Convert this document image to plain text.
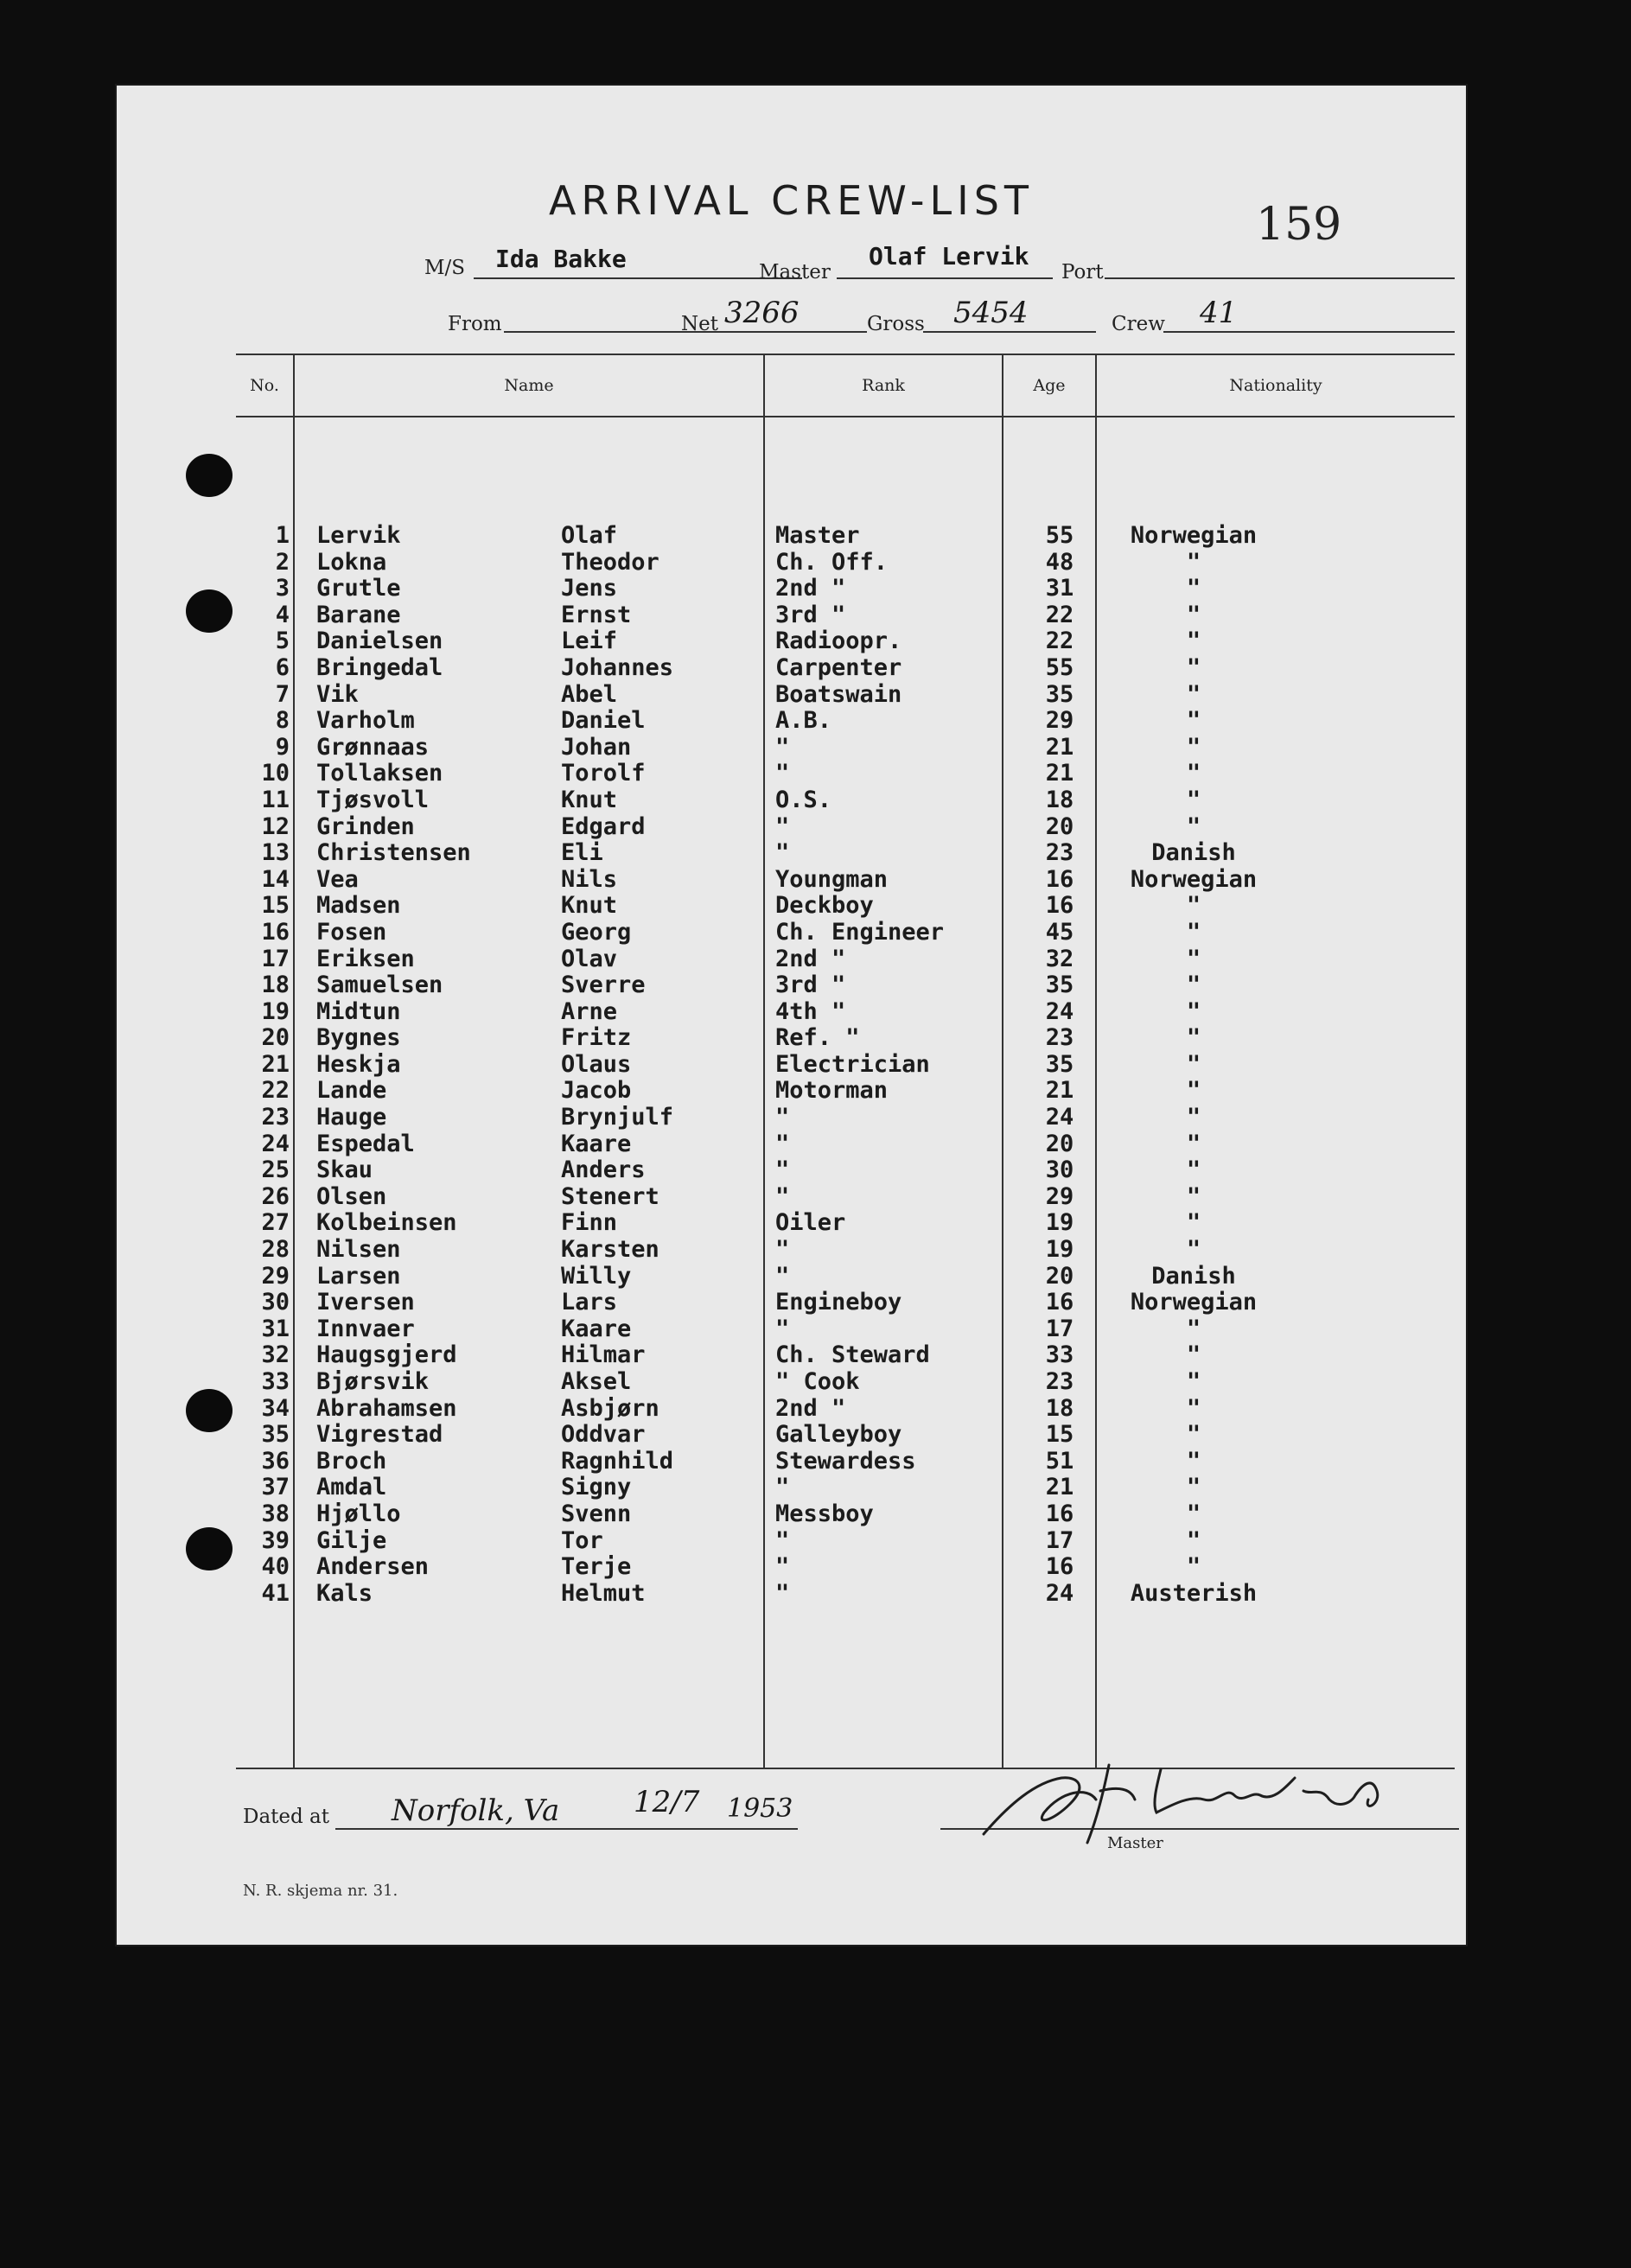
159
ARRIVAL CREW-LIST
M/S Ida Bakke	Master
Olaf Lervik
Port
From	Net 3266	Gross 5454	Crew 41
No.	Name	Rank	Age	Nationality
1 Lervik	Olaf	Master	55	Norwegian
2 Lokna	Theodor	Ch. Off.	48	"
3 Grutle	Jens	2nd "	31	"
4 Barane	Ernst	3rd "	22	"
5 Danielsen	Leif	Radioopr.	22	"
6 Bringedal	Johannes	Carpenter	55	"
7 Vik	Abel	Boatswain	35	"
8 Varholm	Daniel	A.B.	29	"
9 Grønnaas	Johan	"	21	"
10 Tollaksen	Torolf	"	21	"
11 Tjøsvoll	Knut	O.S.	18	"
12 Grinden	Edgard	"	20	"
13 Christensen	Eli	"	23	Danish
14 Vea	Nils	Youngman	16	Norwegian
15 Madsen	Knut	Deckboy	16	"
16 Fosen	Georg	Ch. Engineer	45	"
17 Eriksen	Olav	2nd "	32	"
18 Samuelsen	Sverre	3rd "	35	"
19 Midtun	Arne	4th "	24	"
20 Bygnes	Fritz	Ref. "	23	"
21 Heskja	Olaus	Electrician	35	"
22 Lande	Jacob	Motorman	21	"
23 Hauge	Brynjulf	"	24	"
24 Espedal	Kaare	"	20	"
25 Skau	Anders	"	30	"
26 Olsen	Stenert	"	29	"
27 Kolbeinsen	Finn	Oiler	19	"
28 Nilsen	Karsten	"	19	"
29 Larsen	Willy	"	20	Danish
30 Iversen	Lars	Engineboy	16	Norwegian
31 Innvaer	Kaare	"	17	"
32 Haugsgjerd	Hilmar	Ch. Steward	33	"
33 Bjørsvik	Aksel	" Cook	23	"
34 Abrahamsen	Asbjørn	2nd "	18	"
35 Vigrestad	Oddvar	Galleyboy	15	"
36 Broch	Ragnhild	Stewardess	51	"
37 Amdal	Signy	"	21	"
38 Hjøllo	Svenn	Messboy	16	"
39 Gilje	Tor	"	17	"
40 Andersen	Terje	"	16	"
41 Kals	Helmut	"	24	Austerish
Dated at Norfolk, Va	12/7 1953
Master
N. R. skjema nr. 31.
